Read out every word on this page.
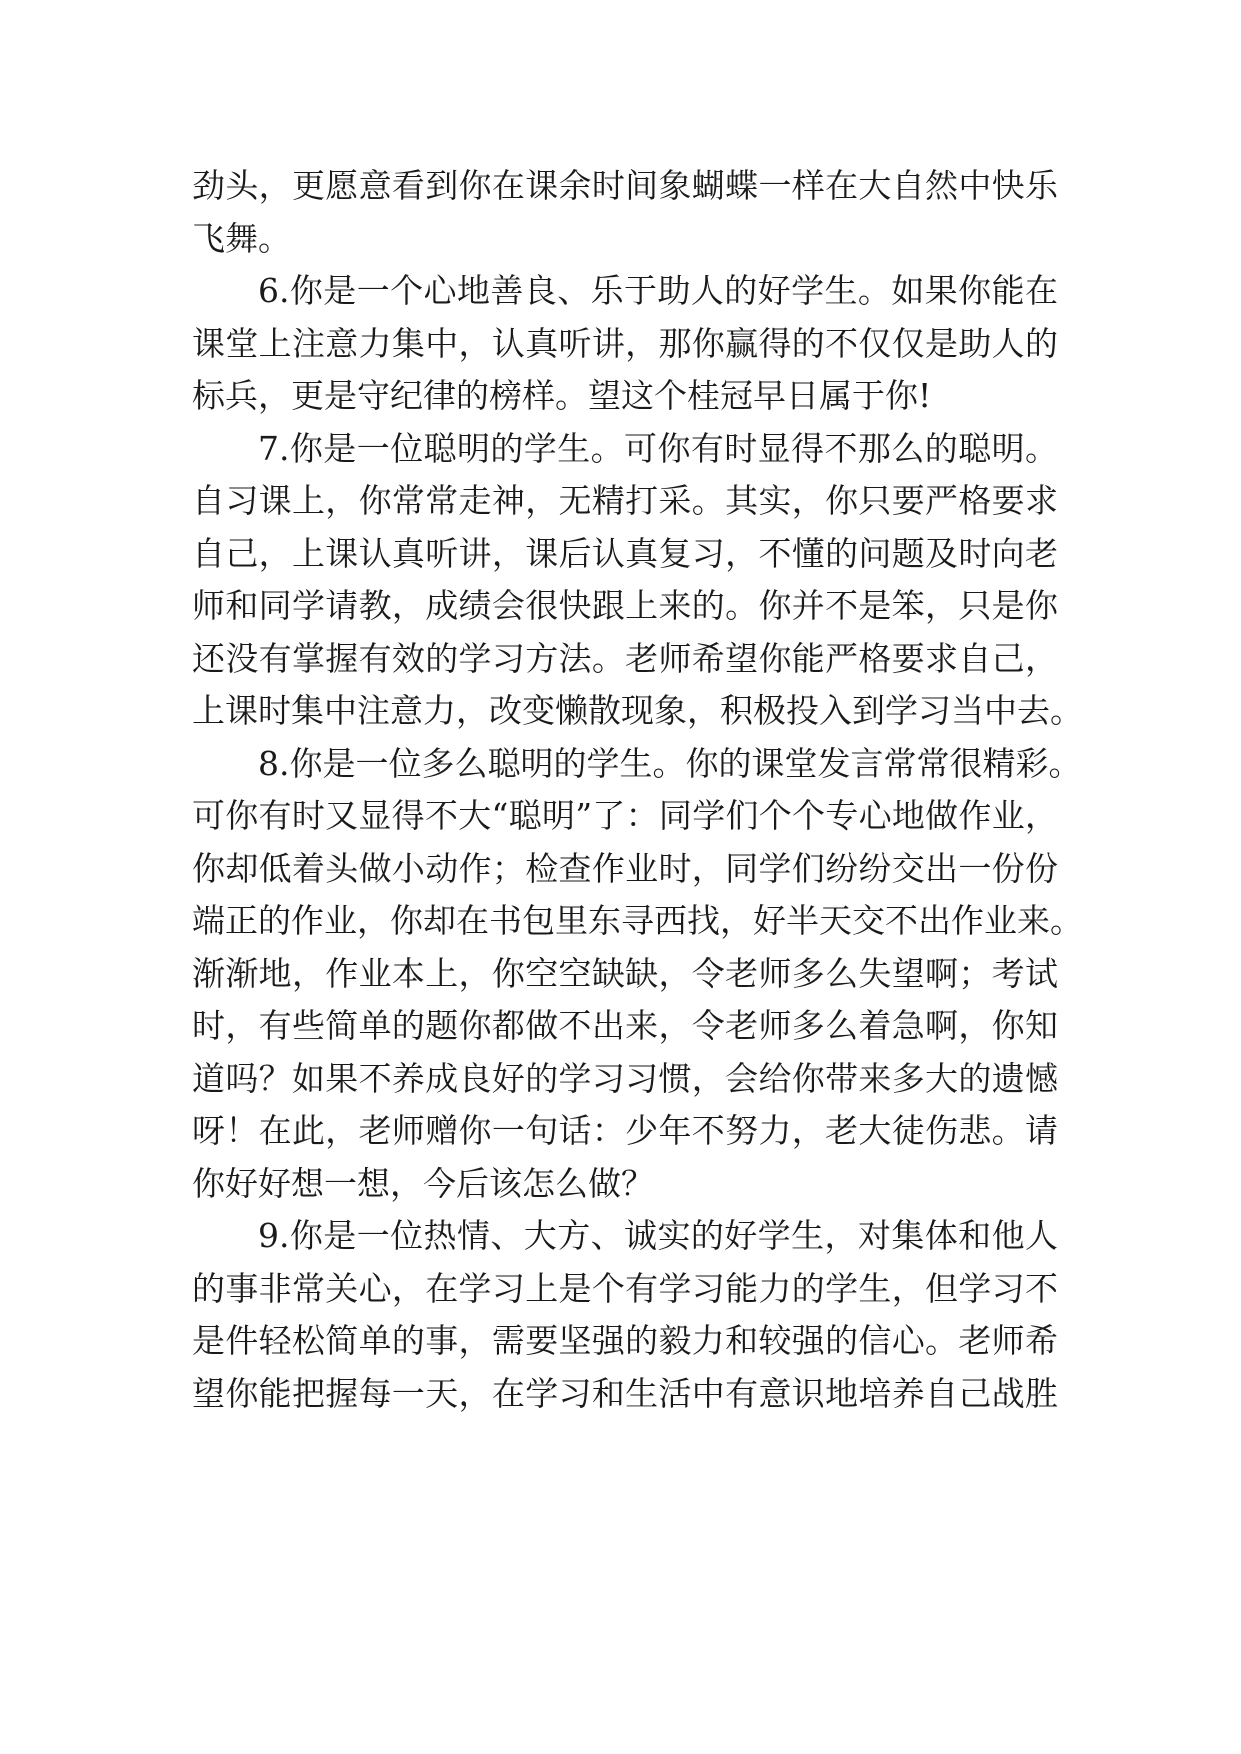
劲头，更愿意看到你在课余时间象蝴蝶一样在大自然中快乐
飞舞。
6.你是一个心地善良、乐于助人的好学生。如果你能在
课堂上注意力集中，认真听讲，那你赢得的不仅仅是助人的
标兵，更是守纪律的榜样。望这个桂冠早日属于你!
7.你是一位聪明的学生。可你有时显得不那么的聪明。
自习课上，你常常走神，无精打采。其实，你只要严格要求
自己，上课认真听讲，课后认真复习，不懂的问题及时向老
师和同学请教，成绩会很快跟上来的。你并不是笨，只是你
还没有掌握有效的学习方法。老师希望你能严格要求自己，
上课时集中注意力，改变懒散现象，积极投入到学习当中去。
8.你是一位多么聪明的学生。你的课堂发言常常很精彩。
可你有时又显得不大“聪明”了：同学们个个专心地做作业，
你却低着头做小动作；检查作业时，同学们纷纷交出一份份
端正的作业，你却在书包里东寻西找，好半天交不出作业来。
渐渐地，作业本上，你空空缺缺，令老师多么失望啊；考试
时，有些简单的题你都做不出来，令老师多么着急啊，你知
道吗？如果不养成良好的学习习惯，会给你带来多大的遗憾
呀！在此，老师赠你一句话：少年不努力，老大徒伤悲。请
你好好想一想，今后该怎么做？
9.你是一位热情、大方、诚实的好学生，对集体和他人
的事非常关心，在学习上是个有学习能力的学生，但学习不
是件轻松简单的事，需要坚强的毅力和较强的信心。老师希
望你能把握每一天，在学习和生活中有意识地培养自己战胜
